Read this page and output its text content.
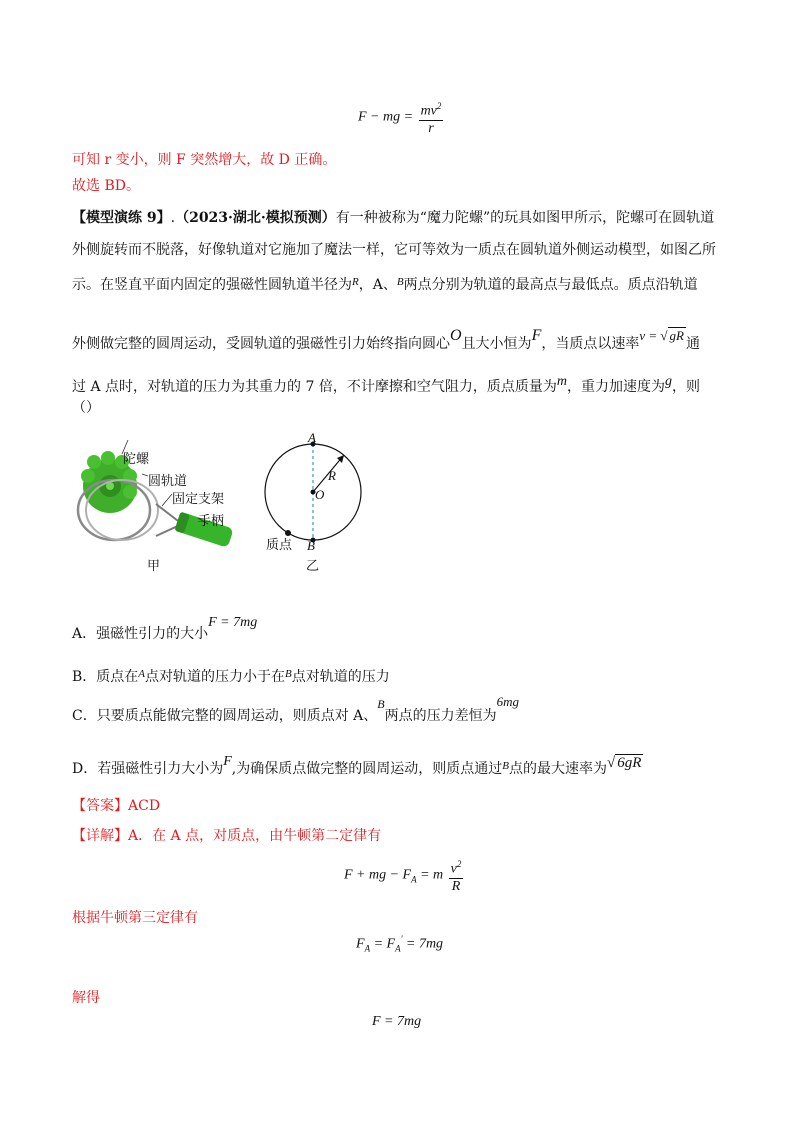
F − mg = $\frac{mv^2}{r}$
可知 r 变小，则 F 突然增大，故 D 正确。
故选 BD。
【模型演练 9】.（2023·湖北·模拟预测）有一种被称为“魔力陀螺”的玩具如图甲所示，陀螺可在圆轨道
外侧旋转而不脱落，好像轨道对它施加了魔法一样，它可等效为一质点在圆轨道外侧运动模型，如图乙所
示。在竖直平面内固定的强磁性圆轨道半径为$^R$，A、$^B$两点分别为轨道的最高点与最低点。质点沿轨道
外侧做完整的圆周运动，受圆轨道的强磁性引力始终指向圆心O且大小恒为F，当质点以速率v = √ gR通
过 A 点时，对轨道的压力为其重力的 7 倍，不计摩擦和空气阻力，质点质量为m，重力加速度为g，则
（）
陀螺
圆轨道
固定支架
手柄
甲
A
R
O
B
质点
乙
A．强磁性引力的大小F = 7mg
B．质点在$^A$点对轨道的压力小于在$^B$点对轨道的压力
C．只要质点能做完整的圆周运动，则质点对 A、B两点的压力差恒为6mg
D．若强磁性引力大小为F,为确保质点做完整的圆周运动，则质点通过$^B$点的最大速率为√ 6gR
【答案】ACD
【详解】A．在 A 点，对质点，由牛顿第二定律有
F + mg − $F_A = m \frac{v^2}{R}$
根据牛顿第三定律有
$F_A = F_A' = 7mg$
解得
F = 7mg
